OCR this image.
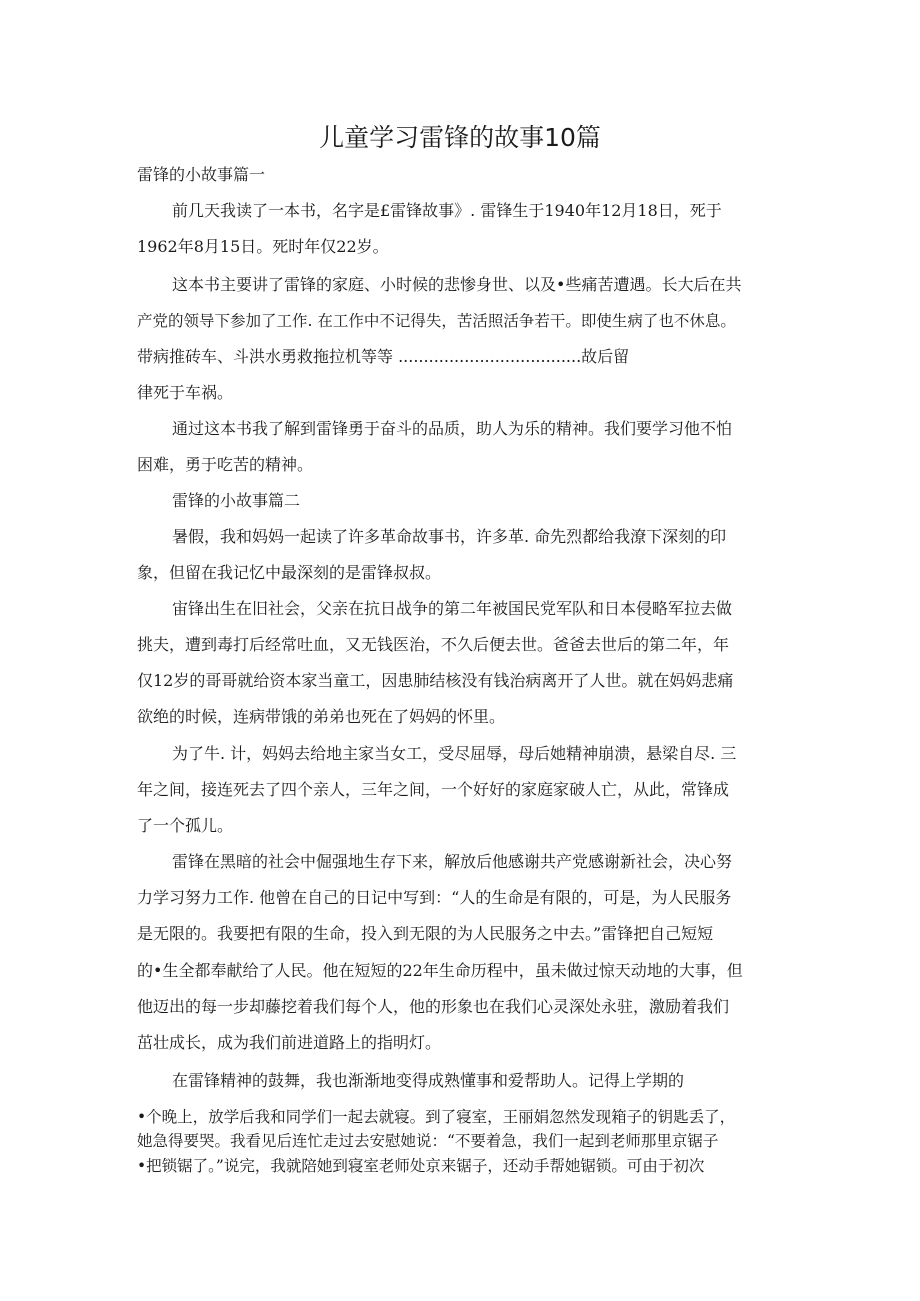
儿童学习雷锋的故事10篇

雷锋的小故事篇一

前几天我读了一本书，名字是£雷锋故事》. 雷锋生于1940年12月18日，死于

1962年8月15日。死时年仅22岁。

这本书主要讲了雷锋的家庭、小时候的悲惨身世、以及•些痛苦遭遇。长大后在共

产党的领导下参加了工作. 在工作中不记得失，苦活照活争若干。即使生病了也不休息。

带病推砖车、斗洪水勇救拖拉机等等 ....................................故后留

律死于车祸。

通过这本书我了解到雷锋勇于奋斗的品质，助人为乐的精神。我们要学习他不怕

困难，勇于吃苦的精神。

雷锋的小故事篇二

暑假，我和妈妈一起读了许多革命故事书，许多革. 命先烈都给我潦下深刻的印

象，但留在我记忆中最深刻的是雷锋叔叔。

宙锋出生在旧社会，父亲在抗日战争的第二年被国民党军队和日本侵略军拉去做

挑夫，遭到毒打后经常吐血，又无钱医治，不久后便去世。爸爸去世后的第二年，年

仅12岁的哥哥就给资本家当童工，因患肺结核没有钱治病离开了人世。就在妈妈悲痛

欲绝的时候，连病带饿的弟弟也死在了妈妈的怀里。

为了牛. 计，妈妈去给地主家当女工，受尽屈辱，母后她精神崩溃，悬梁自尽. 三

年之间，接连死去了四个亲人，三年之间，一个好好的家庭家破人亡，从此，常锋成

了一个孤儿。

雷锋在黑暗的社会中倔强地生存下来，解放后他感谢共产党感谢新社会，决心努

力学习努力工作. 他曾在自己的日记中写到：“人的生命是有限的，可是，为人民服务

是无限的。我要把有限的生命，投入到无限的为人民服务之中去。”雷锋把自己短短

的•生全都奉献给了人民。他在短短的22年生命历程中，虽未做过惊天动地的大事，但

他迈出的每一步却藤挖着我们每个人，他的形象也在我们心灵深处永驻，激励着我们

茁壮成长，成为我们前进道路上的指明灯。

在雷锋精神的鼓舞，我也渐渐地变得成熟懂事和爱帮助人。记得上学期的

•个晚上，放学后我和同学们一起去就寝。到了寝室，王丽娟忽然发现箱子的钥匙丢了，

她急得要哭。我看见后连忙走过去安慰她说：“不要着急，我们一起到老师那里京锯子

•把锁锯了。”说完，我就陪她到寝室老师处京来锯子，还动手帮她锯锁。可由于初次
